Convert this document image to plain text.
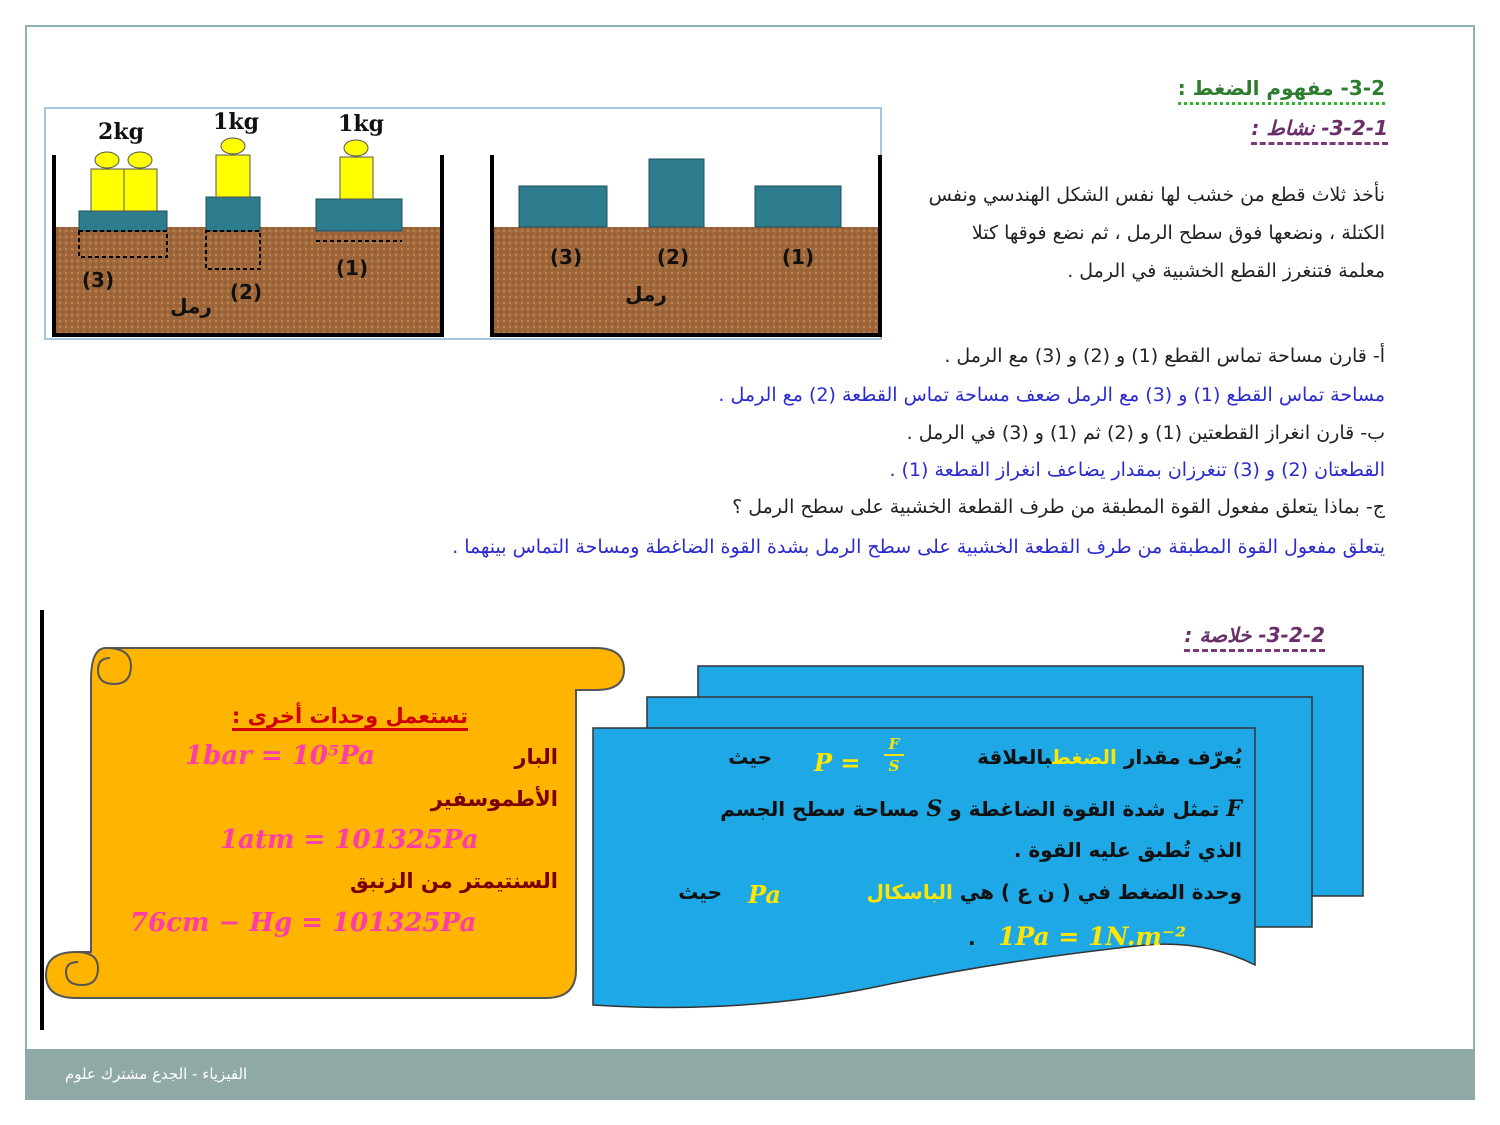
3-2- مفهوم الضغط :
3-2-1- نشاط :
(3)	(2)	(1)
رمل
2kg	1kg	1kg
(3)	(2)
(1)
رمل
نأخذ ثلاث قطع من خشب لها نفس الشكل الهندسي ونفس الكتلة ، ونضعها فوق سطح الرمل ، ثم نضع فوقها كتلا معلمة فتنغرز القطع الخشبية في الرمل .
أ- قارن مساحة تماس القطع (1) و (2) و (3) مع الرمل .
مساحة تماس القطع (1) و (3) مع الرمل ضعف مساحة تماس القطعة (2) مع الرمل .
ب- قارن انغراز القطعتين (1) و (2) ثم (1) و (3) في الرمل .
القطعتان (2) و (3) تنغرزان بمقدار يضاعف انغراز القطعة (1) .
ج- بماذا يتعلق مفعول القوة المطبقة من طرف القطعة الخشبية على سطح الرمل ؟
يتعلق مفعول القوة المطبقة من طرف القطعة الخشبية على سطح الرمل بشدة القوة الضاغطة ومساحة التماس بينهما .
3-2-2- خلاصة :
تستعمل وحدات أخرى :
البار
1bar = 10⁵Pa
الأطموسفير
1atm = 101325Pa
السنتيمتر من الزنبق
76cm − Hg = 101325Pa
يُعرّف مقدار الضغطبالعلاقة
P =
F
S
حيث
F تمثل شدة القوة الضاغطة و S مساحة سطح الجسم
الذي تُطبق عليه القوة .
وحدة الضغط في ( ن ع ) هي الباسكال
Pa
حيث
1Pa = 1N.m⁻²
.
الفيزياء - الجدع مشترك علوم
